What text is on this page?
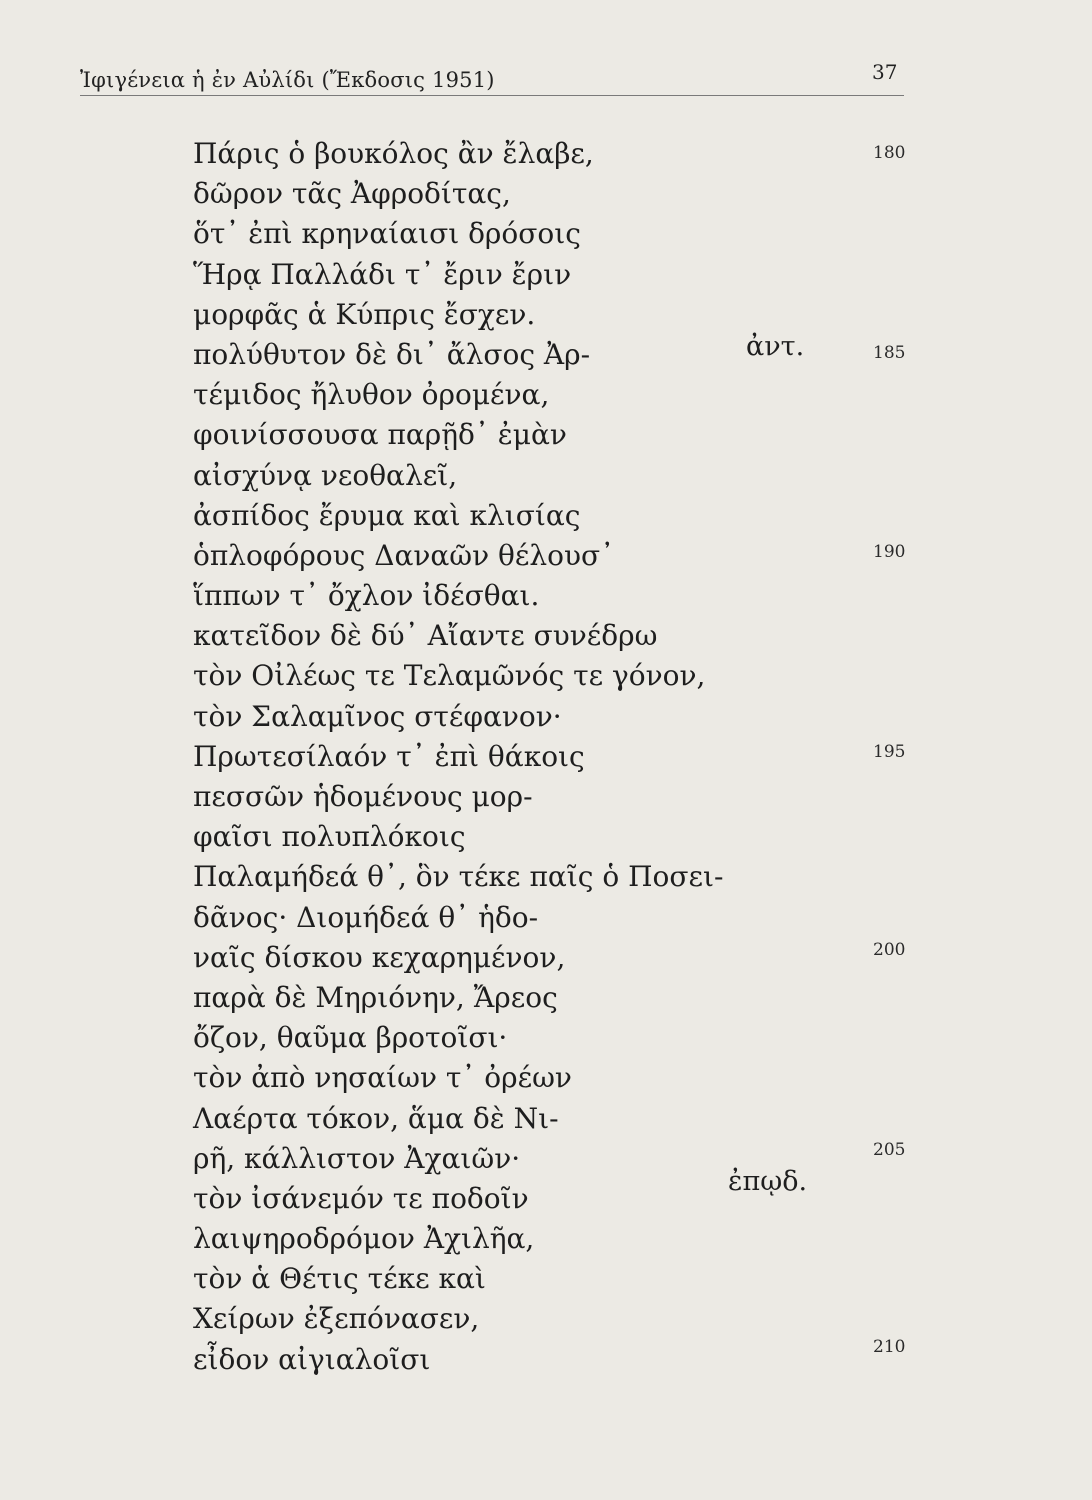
Ἰφιγένεια ἡ ἐν Αὐλίδι (Ἔκδοσις 1951)	37
Πάρις ὁ βουκόλος ἂν ἔλαβε,
δῶρον τᾶς Ἀφροδίτας,
ὅτ᾽ ἐπὶ κρηναίαισι δρόσοις
Ἥρᾳ Παλλάδι τ᾽ ἔριν ἔριν
μορφᾶς ἁ Κύπρις ἔσχεν.
πολύθυτον δὲ δι᾽ ἄλσος Ἀρ-
τέμιδος ἤλυθον ὀρομένα,
φοινίσσουσα παρῇδ᾽ ἐμὰν
αἰσχύνᾳ νεοθαλεῖ,
ἀσπίδος ἔρυμα καὶ κλισίας
ὁπλοφόρους Δαναῶν θέλουσ᾽
ἵππων τ᾽ ὄχλον ἰδέσθαι.
κατεῖδον δὲ δύ᾽ Αἴαντε συνέδρω
τὸν Οἰλέως τε Τελαμῶνός τε γόνον,
τὸν Σαλαμῖνος στέφανον·
Πρωτεσίλαόν τ᾽ ἐπὶ θάκοις
πεσσῶν ἡδομένους μορ-
φαῖσι πολυπλόκοις
Παλαμήδεά θ᾽, ὃν τέκε παῖς ὁ Ποσει-
δᾶνος· Διομήδεά θ᾽ ἡδο-
ναῖς δίσκου κεχαρημένον,
παρὰ δὲ Μηριόνην, Ἄρεος
ὄζον, θαῦμα βροτοῖσι·
τὸν ἀπὸ νησαίων τ᾽ ὀρέων
Λαέρτα τόκον, ἅμα δὲ Νι-
ρῆ, κάλλιστον Ἀχαιῶν·
τὸν ἰσάνεμόν τε ποδοῖν
λαιψηροδρόμον Ἀχιλῆα,
τὸν ἁ Θέτις τέκε καὶ
Χείρων ἐξεπόνασεν,
εἶδον αἰγιαλοῖσι
180
185
190
195
200
205
210
ἀντ.
ἐπῳδ.
